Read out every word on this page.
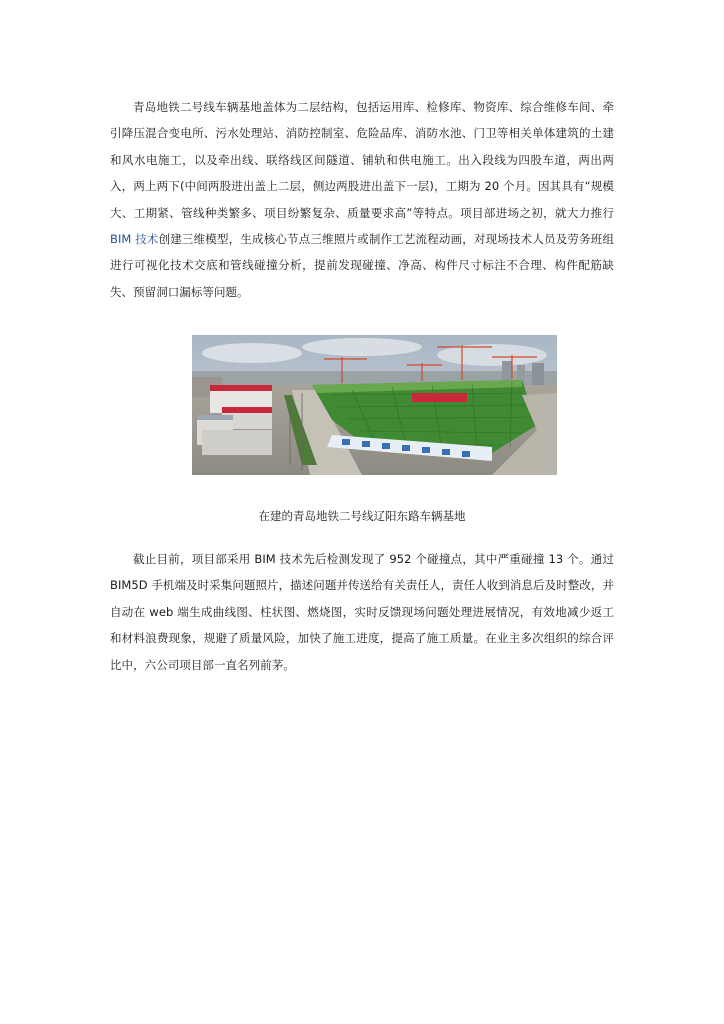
青岛地铁二号线车辆基地盖体为二层结构，包括运用库、检修库、物资库、综合维修车间、牵引降压混合变电所、污水处理站、消防控制室、危险品库、消防水池、门卫等相关单体建筑的土建和风水电施工，以及牵出线、联络线区间隧道、铺轨和供电施工。出入段线为四股车道，两出两入，两上两下(中间两股进出盖上二层，侧边两股进出盖下一层)，工期为 20 个月。因其具有“规模大、工期紧、管线种类繁多、项目纷繁复杂、质量要求高”等特点。项目部进场之初，就大力推行 BIM 技术创建三维模型，生成核心节点三维照片或制作工艺流程动画，对现场技术人员及劳务班组进行可视化技术交底和管线碰撞分析，提前发现碰撞、净高、构件尺寸标注不合理、构件配筋缺失、预留洞口漏标等问题。

在建的青岛地铁二号线辽阳东路车辆基地

截止目前，项目部采用 BIM 技术先后检测发现了 952 个碰撞点，其中严重碰撞 13 个。通过 BIM5D 手机端及时采集问题照片，描述问题并传送给有关责任人，责任人收到消息后及时整改，并自动在 web 端生成曲线图、柱状图、燃烧图，实时反馈现场问题处理进展情况，有效地减少返工和材料浪费现象，规避了质量风险，加快了施工进度，提高了施工质量。在业主多次组织的综合评比中，六公司项目部一直名列前茅。
